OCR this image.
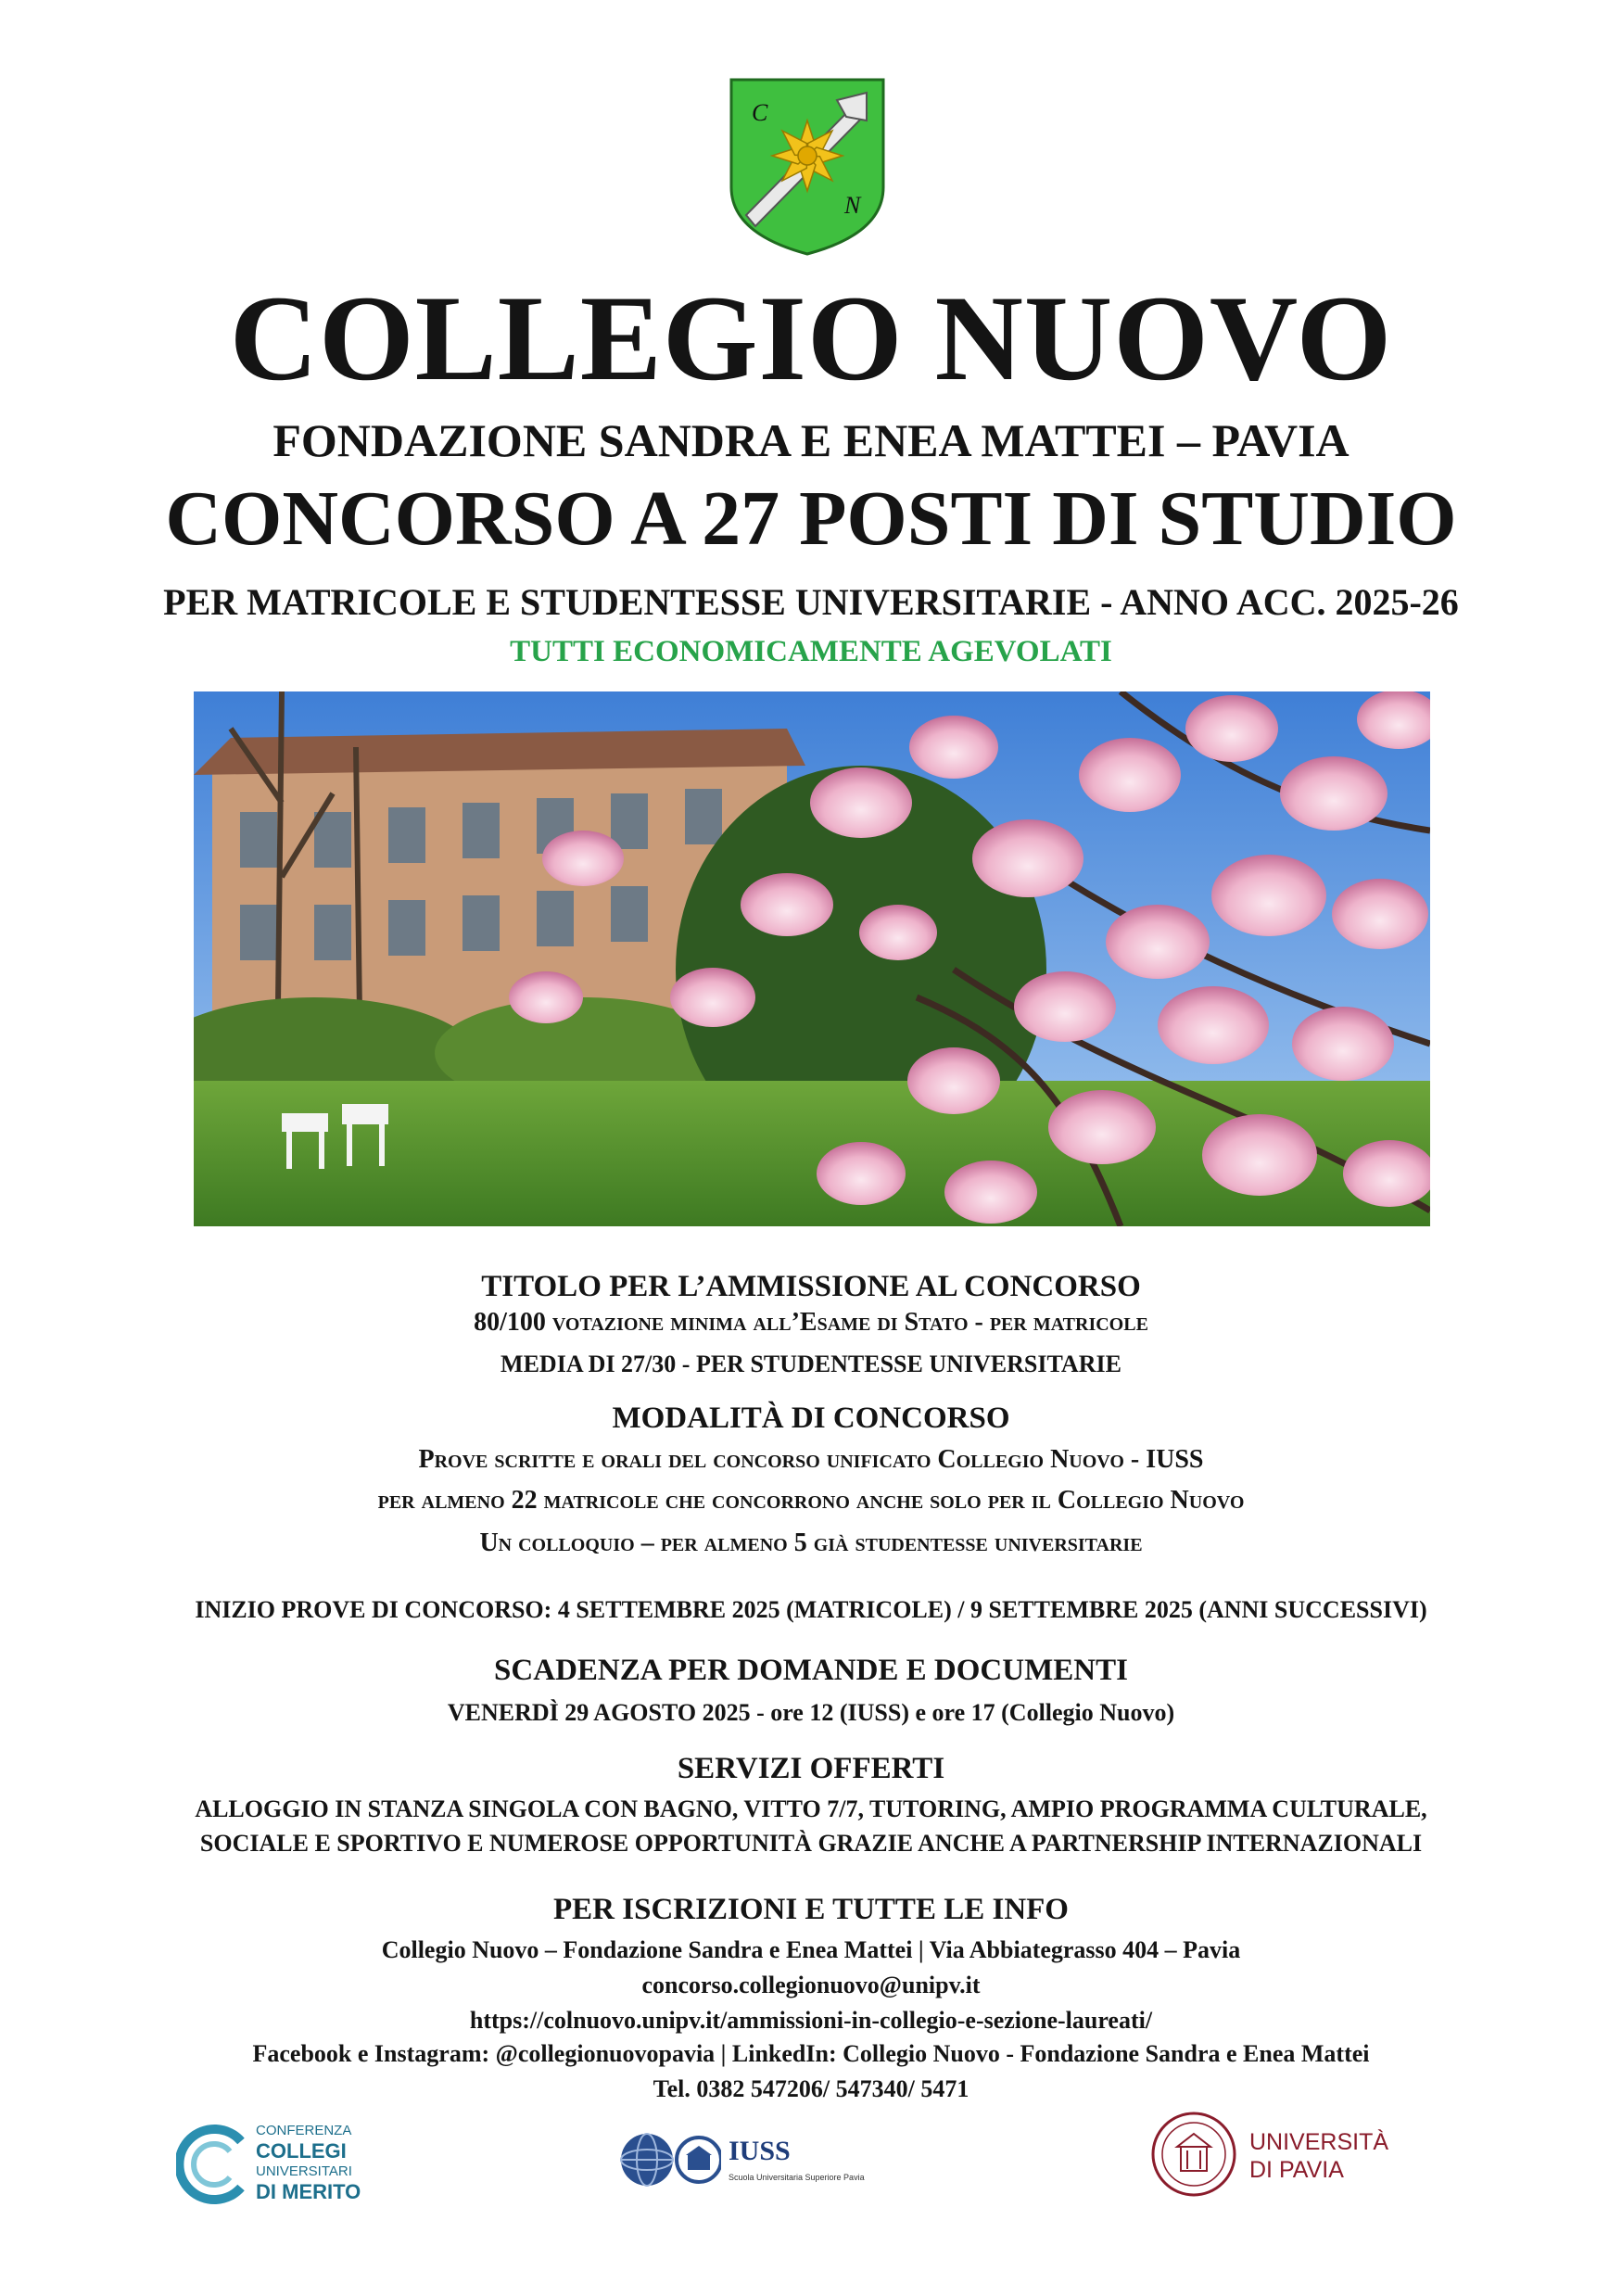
C
N
COLLEGIO NUOVO
FONDAZIONE SANDRA E ENEA MATTEI – PAVIA
CONCORSO A 27 POSTI DI STUDIO
PER MATRICOLE E STUDENTESSE UNIVERSITARIE - ANNO ACC. 2025-26
TUTTI ECONOMICAMENTE AGEVOLATI
TITOLO PER L’AMMISSIONE AL CONCORSO
80/100 votazione minima all’Esame di Stato - per matricole
MEDIA DI 27/30 - PER STUDENTESSE UNIVERSITARIE
MODALITÀ DI CONCORSO
Prove scritte e orali del concorso unificato Collegio Nuovo - IUSS
per almeno 22 matricole che concorrono anche solo per il Collegio Nuovo
Un colloquio – per almeno 5 già studentesse universitarie
INIZIO PROVE DI CONCORSO: 4 SETTEMBRE 2025 (MATRICOLE) / 9 SETTEMBRE 2025 (ANNI SUCCESSIVI)
SCADENZA PER DOMANDE E DOCUMENTI
VENERDÌ 29 AGOSTO 2025 - ore 12 (IUSS) e ore 17 (Collegio Nuovo)
SERVIZI OFFERTI
ALLOGGIO IN STANZA SINGOLA CON BAGNO, VITTO 7/7, TUTORING, AMPIO PROGRAMMA CULTURALE,
SOCIALE E SPORTIVO E NUMEROSE OPPORTUNITÀ GRAZIE ANCHE A PARTNERSHIP INTERNAZIONALI
PER ISCRIZIONI E TUTTE LE INFO
Collegio Nuovo – Fondazione Sandra e Enea Mattei | Via Abbiategrasso 404 – Pavia
concorso.collegionuovo@unipv.it
https://colnuovo.unipv.it/ammissioni-in-collegio-e-sezione-laureati/
Facebook e Instagram: @collegionuovopavia | LinkedIn: Collegio Nuovo - Fondazione Sandra e Enea Mattei
Tel. 0382 547206/ 547340/ 5471
CONFERENZA
COLLEGI
UNIVERSITARI
DI MERITO
IUSS
Scuola Universitaria Superiore Pavia
UNIVERSITÀ
DI PAVIA
